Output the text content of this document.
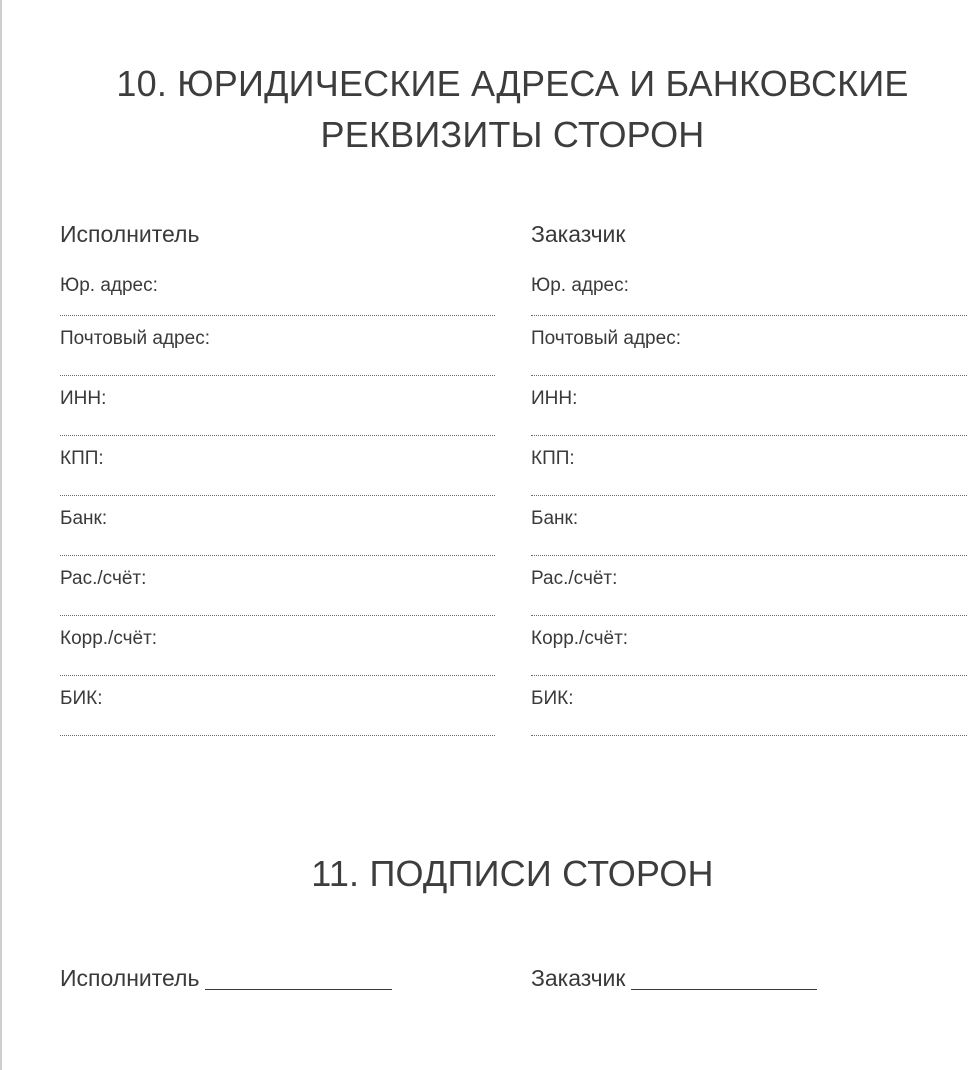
10. ЮРИДИЧЕСКИЕ АДРЕСА И БАНКОВСКИЕ
РЕКВИЗИТЫ СТОРОН
Исполнитель
Юр. адрес:
Почтовый адрес:
ИНН:
КПП:
Банк:
Рас./счёт:
Корр./счёт:
БИК:
Заказчик
Юр. адрес:
Почтовый адрес:
ИНН:
КПП:
Банк:
Рас./счёт:
Корр./счёт:
БИК:
11. ПОДПИСИ СТОРОН
Исполнитель	Заказчик
